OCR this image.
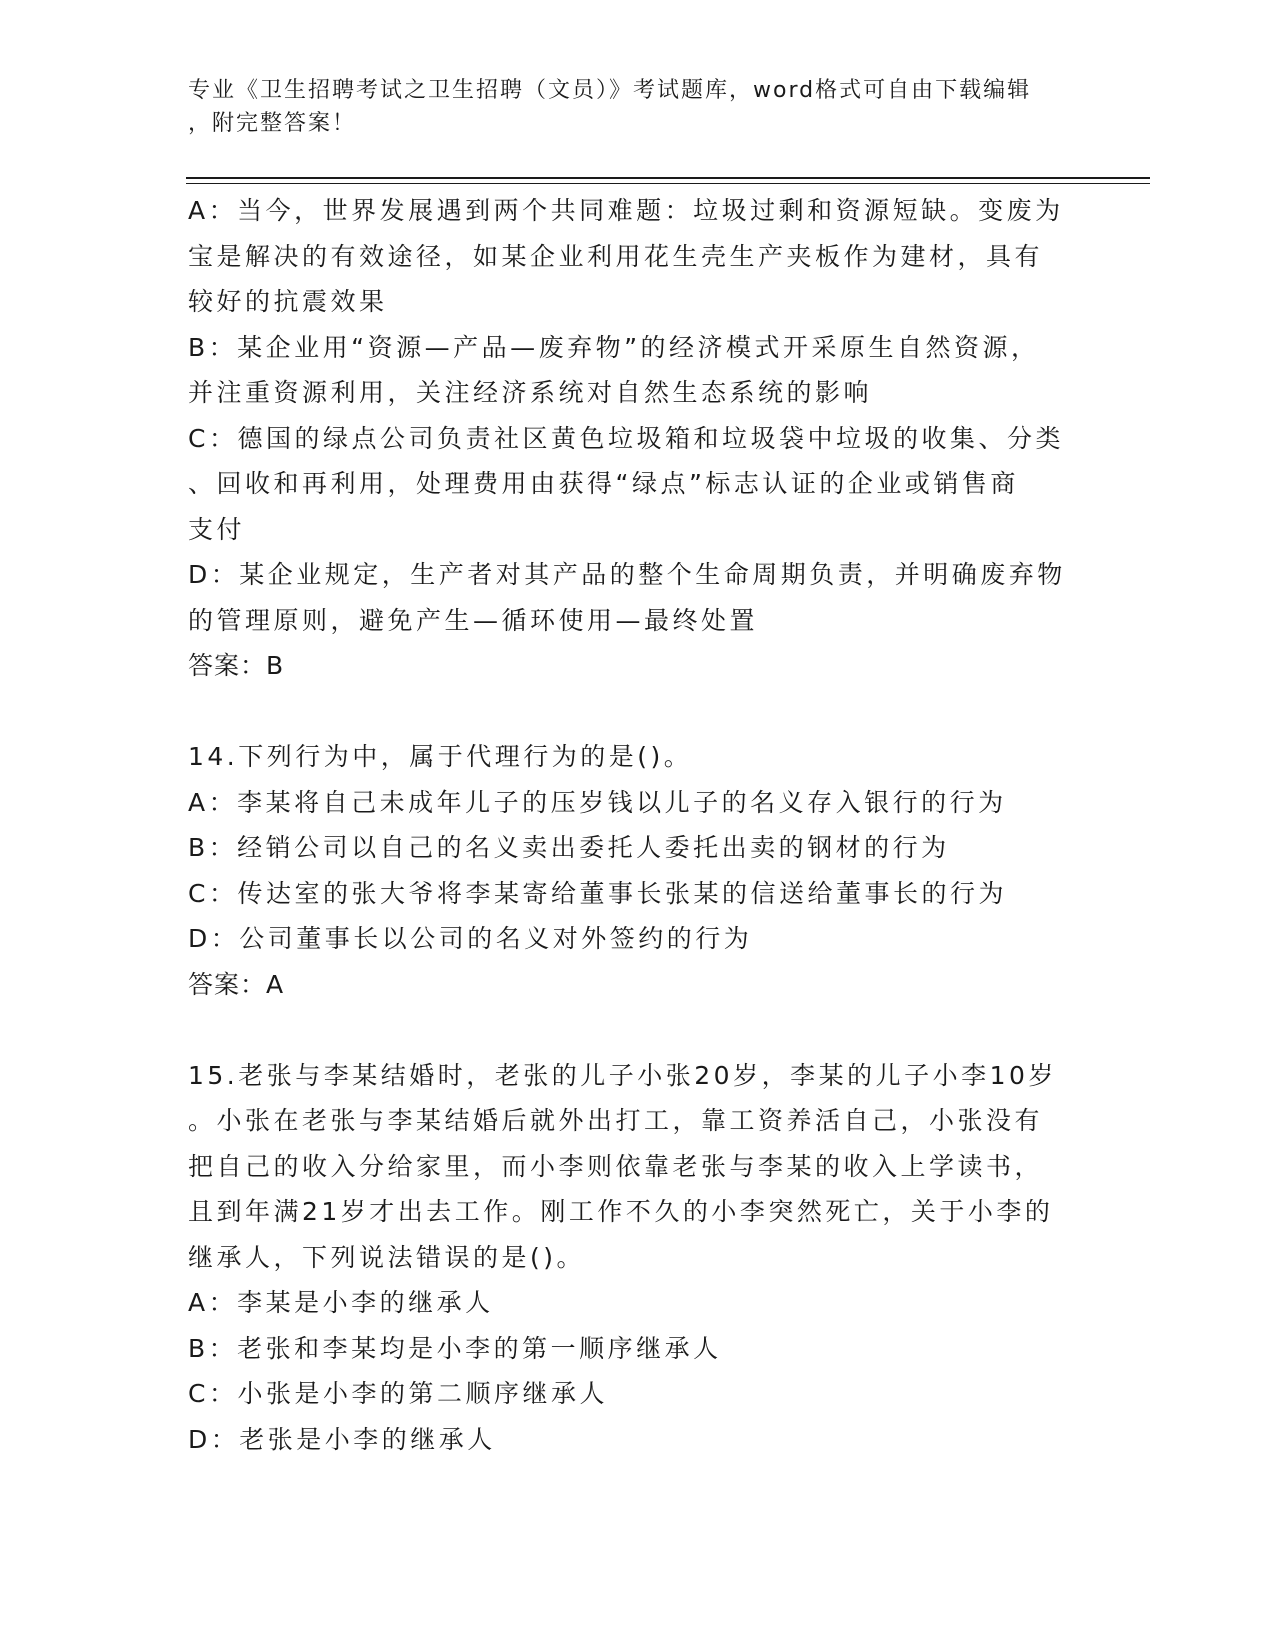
专业《卫生招聘考试之卫生招聘（文员）》考试题库，word格式可自由下载编辑
，附完整答案！

A：当今，世界发展遇到两个共同难题：垃圾过剩和资源短缺。变废为

宝是解决的有效途径，如某企业利用花生壳生产夹板作为建材，具有

较好的抗震效果

B：某企业用“资源—产品—废弃物”的经济模式开采原生自然资源，

并注重资源利用，关注经济系统对自然生态系统的影响

C：德国的绿点公司负责社区黄色垃圾箱和垃圾袋中垃圾的收集、分类

、回收和再利用，处理费用由获得“绿点”标志认证的企业或销售商

支付

D：某企业规定，生产者对其产品的整个生命周期负责，并明确废弃物

的管理原则，避免产生—循环使用—最终处置

答案：B

14.下列行为中，属于代理行为的是()。

A：李某将自己未成年儿子的压岁钱以儿子的名义存入银行的行为

B：经销公司以自己的名义卖出委托人委托出卖的钢材的行为

C：传达室的张大爷将李某寄给董事长张某的信送给董事长的行为

D：公司董事长以公司的名义对外签约的行为

答案：A

15.老张与李某结婚时，老张的儿子小张20岁，李某的儿子小李10岁

。小张在老张与李某结婚后就外出打工，靠工资养活自己，小张没有

把自己的收入分给家里，而小李则依靠老张与李某的收入上学读书，

且到年满21岁才出去工作。刚工作不久的小李突然死亡，关于小李的

继承人，下列说法错误的是()。

A：李某是小李的继承人

B：老张和李某均是小李的第一顺序继承人

C：小张是小李的第二顺序继承人

D：老张是小李的继承人
